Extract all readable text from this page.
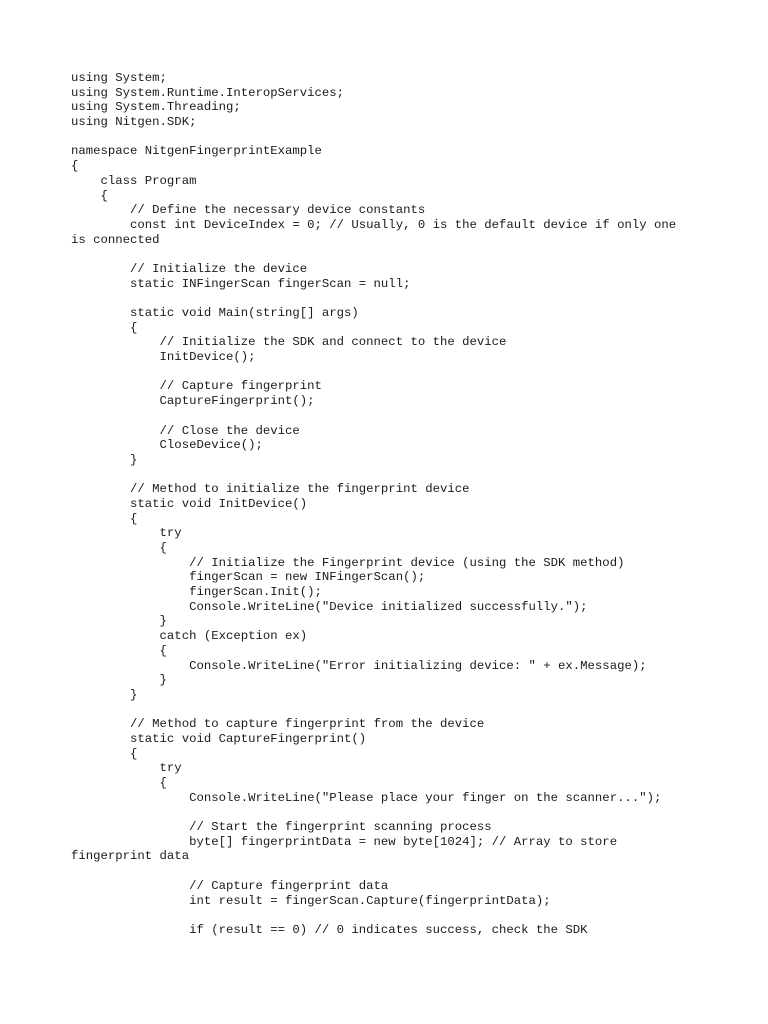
using System;
using System.Runtime.InteropServices;
using System.Threading;
using Nitgen.SDK;
namespace NitgenFingerprintExample
{
class Program
{
// Define the necessary device constants
const int DeviceIndex = 0; // Usually, 0 is the default device if only one
is connected
// Initialize the device
static INFingerScan fingerScan = null;
static void Main(string[] args)
{
// Initialize the SDK and connect to the device
InitDevice();
// Capture fingerprint
CaptureFingerprint();
// Close the device
CloseDevice();
}
// Method to initialize the fingerprint device
static void InitDevice()
{
try
{
// Initialize the Fingerprint device (using the SDK method)
fingerScan = new INFingerScan();
fingerScan.Init();
Console.WriteLine("Device initialized successfully.");
}
catch (Exception ex)
{
Console.WriteLine("Error initializing device: " + ex.Message);
}
}
// Method to capture fingerprint from the device
static void CaptureFingerprint()
{
try
{
Console.WriteLine("Please place your finger on the scanner...");
// Start the fingerprint scanning process
byte[] fingerprintData = new byte[1024]; // Array to store
fingerprint data
// Capture fingerprint data
int result = fingerScan.Capture(fingerprintData);
if (result == 0) // 0 indicates success, check the SDK
